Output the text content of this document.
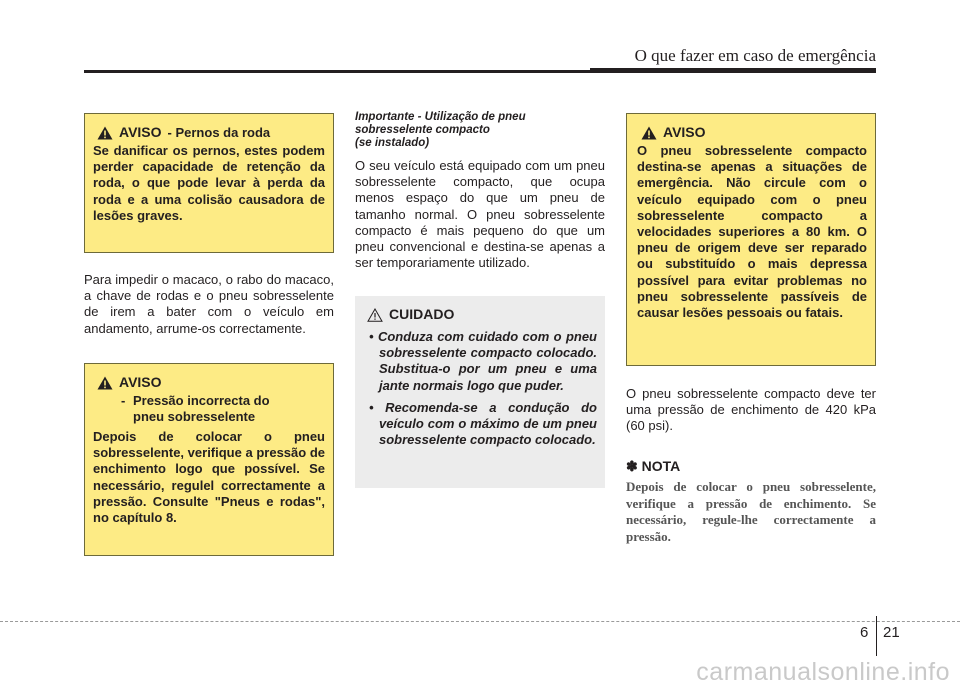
O que fazer em caso de emergência
AVISO - Pernos da roda
Se danificar os pernos, estes podem perder capacidade de retenção da roda, o que pode levar à perda da roda e a uma colisão causadora de lesões graves.
Para impedir o macaco, o rabo do macaco, a chave de rodas e o pneu sobresselente de irem a bater com o veículo em andamento, arrume-os correctamente.
AVISO
- Pressão incorrecta do pneu sobresselente
Depois de colocar o pneu sobresselente, verifique a pressão de enchimento logo que possível. Se necessário, regulel correctamente a pressão. Consulte "Pneus e rodas", no capítulo 8.
Importante - Utilização de pneu
sobresselente compacto
(se instalado)
O seu veículo está equipado com um pneu sobresselente compacto, que ocupa menos espaço do que um pneu de tamanho normal. O pneu sobresselente compacto é mais pequeno do que um pneu convencional e destina-se apenas a ser temporariamente utilizado.
CUIDADO
• Conduza com cuidado com o pneu sobresselente compacto colocado. Substitua-o por um pneu e uma jante normais logo que puder.
• Recomenda-se a condução do veículo com o máximo de um pneu sobresselente compacto colocado.
AVISO
O pneu sobresselente compacto destina-se apenas a situações de emergência. Não circule com o veículo equipado com o pneu sobresselente compacto a velocidades superiores a 80 km. O pneu de origem deve ser reparado ou substituído o mais depressa possível para evitar problemas no pneu sobresselente passíveis de causar lesões pessoais ou fatais.
O pneu sobresselente compacto deve ter uma pressão de enchimento de 420 kPa (60 psi).
✽ NOTA
Depois de colocar o pneu sobresselente, verifique a pressão de enchimento. Se necessário, regule-lhe correctamente a pressão.
6 21
carmanualsonline.info
